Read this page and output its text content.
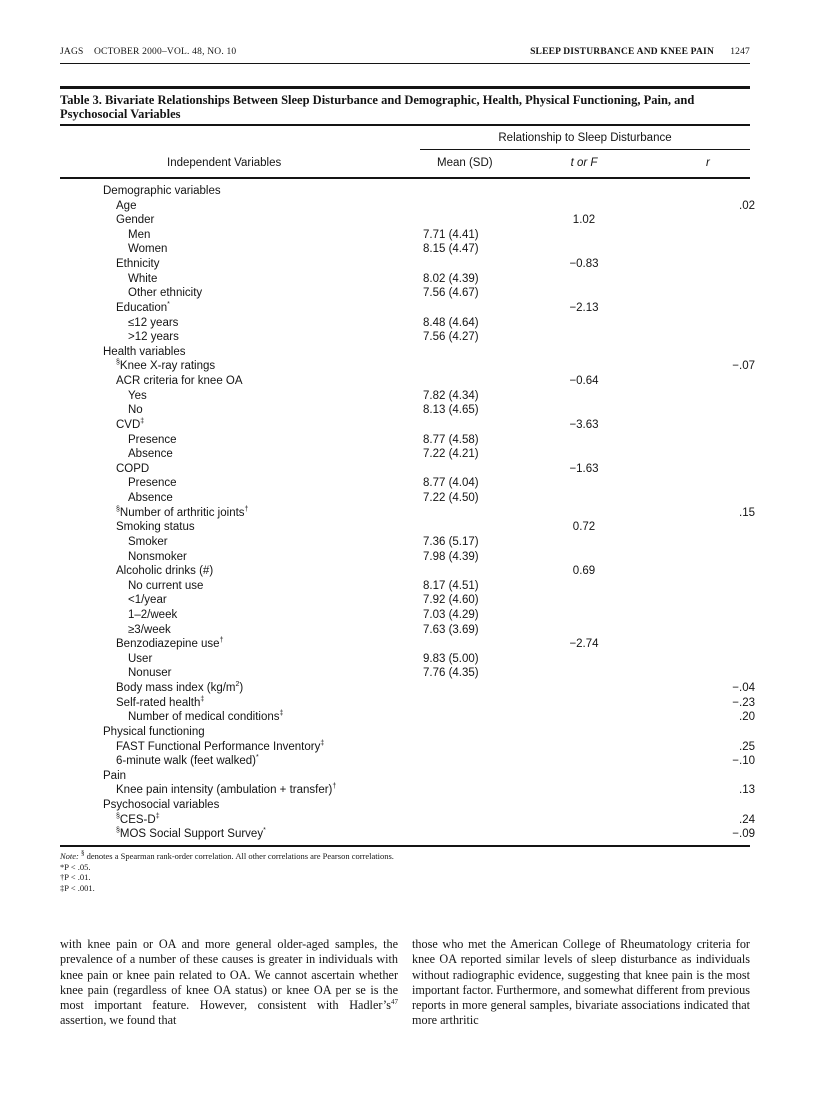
JAGS OCTOBER 2000–VOL. 48, NO. 10	SLEEP DISTURBANCE AND KNEE PAIN 1247
Table 3. Bivariate Relationships Between Sleep Disturbance and Demographic, Health, Physical Functioning, Pain, and Psychosocial Variables
Relationship to Sleep Disturbance
Independent Variables	Mean (SD)	t or F	r
Demographic variables
Age	.02
Gender	1.02
Men	7.71 (4.41)
Women	8.15 (4.47)
Ethnicity	−0.83
White	8.02 (4.39)
Other ethnicity	7.56 (4.67)
Education*	−2.13
≤12 years	8.48 (4.64)
>12 years	7.56 (4.27)
Health variables
§Knee X-ray ratings	−.07
ACR criteria for knee OA	−0.64
Yes	7.82 (4.34)
No	8.13 (4.65)
CVD‡	−3.63
Presence	8.77 (4.58)
Absence	7.22 (4.21)
COPD	−1.63
Presence	8.77 (4.04)
Absence	7.22 (4.50)
§Number of arthritic joints†	.15
Smoking status	0.72
Smoker	7.36 (5.17)
Nonsmoker	7.98 (4.39)
Alcoholic drinks (#)	0.69
No current use	8.17 (4.51)
<1/year	7.92 (4.60)
1–2/week	7.03 (4.29)
≥3/week	7.63 (3.69)
Benzodiazepine use†	−2.74
User	9.83 (5.00)
Nonuser	7.76 (4.35)
Body mass index $(kg/m^2)$	−.04
Self-rated health‡	−.23
Number of medical conditions‡	.20
Physical functioning
FAST Functional Performance Inventory‡	.25
6-minute walk (feet walked)*	−.10
Pain
Knee pain intensity (ambulation + transfer)†	.13
Psychosocial variables
§CES-D‡	.24
§MOS Social Support Survey*	−.09
Note: § denotes a Spearman rank-order correlation. All other correlations are Pearson correlations.
*P < .05.
†P < .01.
‡P < .001.
with knee pain or OA and more general older-aged samples, the prevalence of a number of these causes is greater in individuals with knee pain or knee pain related to OA. We cannot ascertain whether knee pain (regardless of knee OA status) or knee OA per se is the most important feature. However, consistent with $Hadler’s^{47}$ assertion, we found that
those who met the American College of Rheumatology criteria for knee OA reported similar levels of sleep disturbance as individuals without radiographic evidence, suggesting that knee pain is the most important factor. Furthermore, and somewhat different from previous reports in more general samples, bivariate associations indicated that more arthritic
